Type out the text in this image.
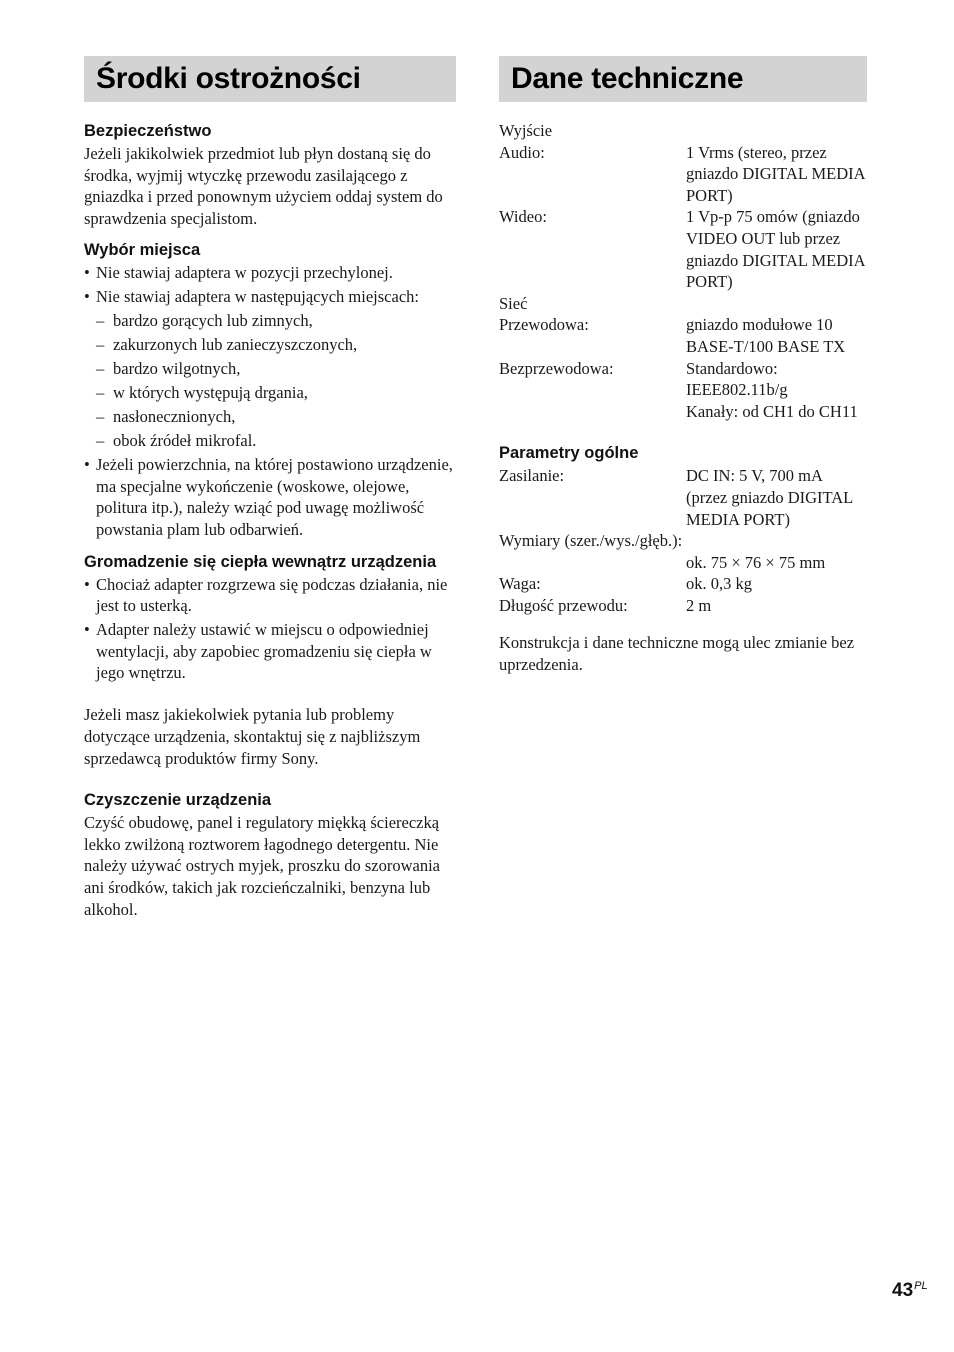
Środki ostrożności
Bezpieczeństwo

Jeżeli jakikolwiek przedmiot lub płyn dostaną się do środka, wyjmij wtyczkę przewodu zasilającego z gniazdka i przed ponownym użyciem oddaj system do sprawdzenia specjalistom.

Wybór miejsca
• Nie stawiaj adaptera w pozycji przechylonej.
• Nie stawiaj adaptera w następujących miejscach:
– bardzo gorących lub zimnych,
– zakurzonych lub zanieczyszczonych,
– bardzo wilgotnych,
– w których występują drgania,
– nasłonecznionych,
– obok źródeł mikrofal.
• Jeżeli powierzchnia, na której postawiono urządzenie, ma specjalne wykończenie (woskowe, olejowe, politura itp.), należy wziąć pod uwagę możliwość powstania plam lub odbarwień.
Gromadzenie się ciepła wewnątrz urządzenia
• Chociaż adapter rozgrzewa się podczas działania, nie jest to usterką.
• Adapter należy ustawić w miejscu o odpowiedniej wentylacji, aby zapobiec gromadzeniu się ciepła w jego wnętrzu.

Jeżeli masz jakiekolwiek pytania lub problemy dotyczące urządzenia, skontaktuj się z najbliższym sprzedawcą produktów firmy Sony.

Czyszczenie urządzenia

Czyść obudowę, panel i regulatory miękką ściereczką lekko zwilżoną roztworem łagodnego detergentu. Nie należy używać ostrych myjek, proszku do szorowania ani środków, takich jak rozcieńczalniki, benzyna lub alkohol.

Dane techniczne
Wyjście
Audio:	1 Vrms (stereo, przez gniazdo DIGITAL MEDIA PORT)
Wideo:	1 Vp-p 75 omów (gniazdo VIDEO OUT lub przez gniazdo DIGITAL MEDIA PORT)
Sieć
Przewodowa:	gniazdo modułowe 10 BASE-T/100 BASE TX
Bezprzewodowa:	Standardowo: IEEE802.11b/g
Kanały: od CH1 do CH11
Parametry ogólne
Zasilanie:	DC IN: 5 V, 700 mA (przez gniazdo DIGITAL MEDIA PORT)
Wymiary (szer./wys./głęb.):
ok. 75 × 76 × 75 mm
Waga:	ok. 0,3 kg
Długość przewodu:	2 m

Konstrukcja i dane techniczne mogą ulec zmianie bez uprzedzenia.

$43^{PL}$
